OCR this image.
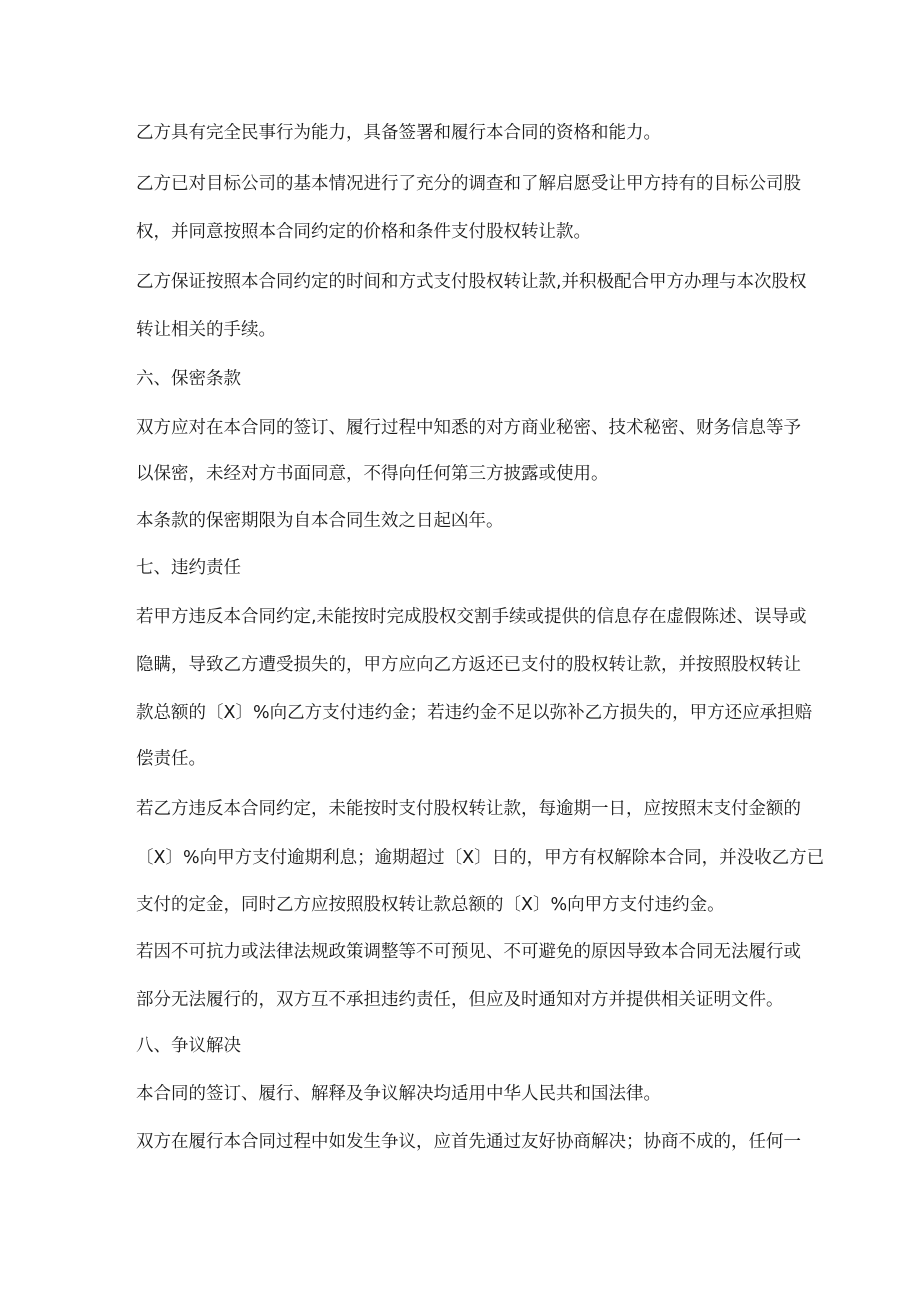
乙方具有完全民事行为能力，具备签署和履行本合同的资格和能力。

乙方已对目标公司的基本情况进行了充分的调查和了解启愿受让甲方持有的目标公司股

权，并同意按照本合同约定的价格和条件支付股权转让款。

乙方保证按照本合同约定的时间和方式支付股权转让款,并积极配合甲方办理与本次股权

转让相关的手续。

六、保密条款

双方应对在本合同的签订、履行过程中知悉的对方商业秘密、技术秘密、财务信息等予

以保密，未经对方书面同意，不得向任何第三方披露或使用。

本条款的保密期限为自本合同生效之日起凶年。

七、违约责任

若甲方违反本合同约定,未能按时完成股权交割手续或提供的信息存在虚假陈述、误导或

隐瞒，导致乙方遭受损失的，甲方应向乙方返还已支付的股权转让款，并按照股权转让

款总额的〔X〕%向乙方支付违约金；若违约金不足以弥补乙方损失的，甲方还应承担赔

偿责任。

若乙方违反本合同约定，未能按时支付股权转让款，每逾期一日，应按照末支付金额的

〔X〕%向甲方支付逾期利息；逾期超过〔X〕日的，甲方有权解除本合同，并没收乙方已

支付的定金，同时乙方应按照股权转让款总额的〔X〕%向甲方支付违约金。

若因不可抗力或法律法规政策调整等不可预见、不可避免的原因导致本合同无法履行或

部分无法履行的，双方互不承担违约责任，但应及时通知对方并提供相关证明文件。

八、争议解决

本合同的签订、履行、解释及争议解决均适用中华人民共和国法律。

双方在履行本合同过程中如发生争议，应首先通过友好协商解决；协商不成的，任何一
